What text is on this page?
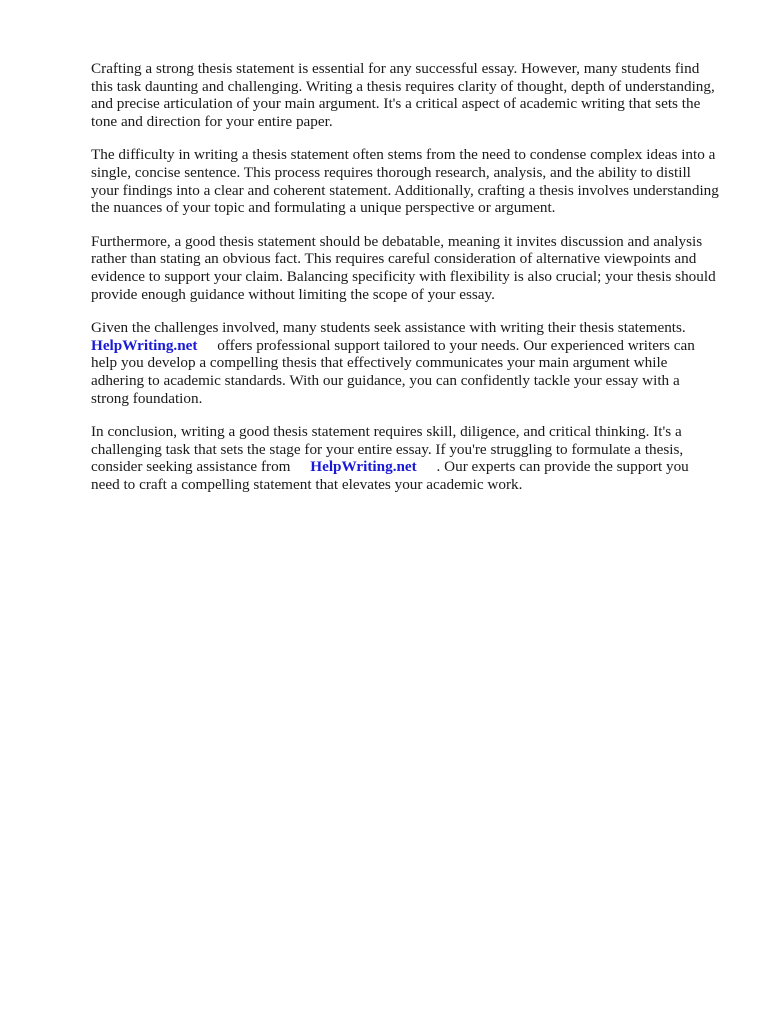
Crafting a strong thesis statement is essential for any successful essay. However, many students find this task daunting and challenging. Writing a thesis requires clarity of thought, depth of understanding, and precise articulation of your main argument. It's a critical aspect of academic writing that sets the tone and direction for your entire paper.

The difficulty in writing a thesis statement often stems from the need to condense complex ideas into a single, concise sentence. This process requires thorough research, analysis, and the ability to distill your findings into a clear and coherent statement. Additionally, crafting a thesis involves understanding the nuances of your topic and formulating a unique perspective or argument.

Furthermore, a good thesis statement should be debatable, meaning it invites discussion and analysis rather than stating an obvious fact. This requires careful consideration of alternative viewpoints and evidence to support your claim. Balancing specificity with flexibility is also crucial; your thesis should provide enough guidance without limiting the scope of your essay.

Given the challenges involved, many students seek assistance with writing their thesis statements.
HelpWriting.net offers professional support tailored to your needs. Our experienced writers can help you develop a compelling thesis that effectively communicates your main argument while adhering to academic standards. With our guidance, you can confidently tackle your essay with a strong foundation.

In conclusion, writing a good thesis statement requires skill, diligence, and critical thinking. It's a challenging task that sets the stage for your entire essay. If you're struggling to formulate a thesis, consider seeking assistance from HelpWriting.net . Our experts can provide the support you need to craft a compelling statement that elevates your academic work.
